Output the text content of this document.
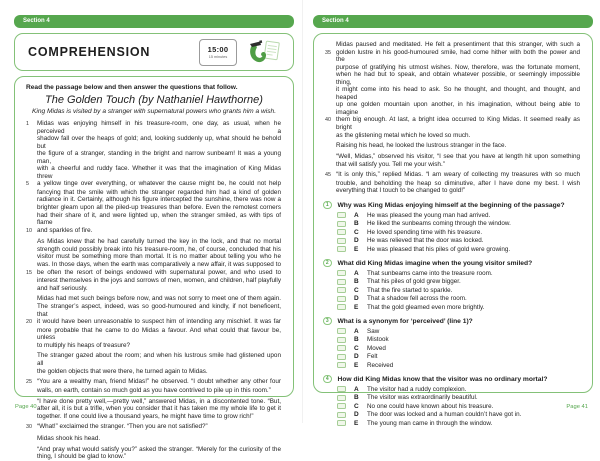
Section 4
COMPREHENSION	15:00
15 minutes
Read the passage below and then answer the questions that follow.
The Golden Touch (by Nathaniel Hawthorne)
King Midas is visited by a stranger with supernatural powers who grants him a wish.
1	Midas was enjoying himself in his treasure-room, one day, as usual, when he perceived a
shadow fall over the heaps of gold; and, looking suddenly up, what should he behold but
the figure of a stranger, standing in the bright and narrow sunbeam! It was a young man,
with a cheerful and ruddy face. Whether it was that the imagination of King Midas threw
5	a yellow tinge over everything, or whatever the cause might be, he could not help
fancying that the smile with which the stranger regarded him had a kind of golden
radiance in it. Certainly, although his figure intercepted the sunshine, there was now a
brighter gleam upon all the piled-up treasures than before. Even the remotest corners
had their share of it, and were lighted up, when the stranger smiled, as with tips of flame
10 and sparkles of fire.
As Midas knew that he had carefully turned the key in the lock, and that no mortal
strength could possibly break into his treasure-room, he, of course, concluded that his
visitor must be something more than mortal. It is no matter about telling you who he
was. In those days, when the earth was comparatively a new affair, it was supposed to
15 be often the resort of beings endowed with supernatural power, and who used to
interest themselves in the joys and sorrows of men, women, and children, half playfully
and half seriously.
Midas had met such beings before now, and was not sorry to meet one of them again.
The stranger’s aspect, indeed, was so good-humoured and kindly, if not beneficent, that
20 it would have been unreasonable to suspect him of intending any mischief. It was far
more probable that he came to do Midas a favour. And what could that favour be, unless
to multiply his heaps of treasure?
The stranger gazed about the room; and when his lustrous smile had glistened upon all
the golden objects that were there, he turned again to Midas.
25 “You are a wealthy man, friend Midas!” he observed. “I doubt whether any other four
walls, on earth, contain so much gold as you have contrived to pile up in this room.”
“I have done pretty well,—pretty well,” answered Midas, in a discontented tone. “But,
after all, it is but a trifle, when you consider that it has taken me my whole life to get it
together. If one could live a thousand years, he might have time to grow rich!”
30 “What!” exclaimed the stranger. “Then you are not satisfied?”
Midas shook his head.
“And pray what would satisfy you?” asked the stranger. “Merely for the curiosity of the
thing, I should be glad to know.”
Page 40
Section 4
Midas paused and meditated. He felt a presentiment that this stranger, with such a
35 golden lustre in his good-humoured smile, had come hither with both the power and the
purpose of gratifying his utmost wishes. Now, therefore, was the fortunate moment,
when he had but to speak, and obtain whatever possible, or seemingly impossible thing,
it might come into his head to ask. So he thought, and thought, and thought, and heaped
up one golden mountain upon another, in his imagination, without being able to imagine
40 them big enough. At last, a bright idea occurred to King Midas. It seemed really as bright
as the glistening metal which he loved so much.
Raising his head, he looked the lustrous stranger in the face.
“Well, Midas,” observed his visitor, “I see that you have at length hit upon something
that will satisfy you. Tell me your wish.”
45 “It is only this,” replied Midas. “I am weary of collecting my treasures with so much
trouble, and beholding the heap so diminutive, after I have done my best. I wish
everything that I touch to be changed to gold!”
1	Why was King Midas enjoying himself at the beginning of the passage?
A	He was pleased the young man had arrived.
B	He liked the sunbeams coming through the window.
C	He loved spending time with his treasure.
D	He was relieved that the door was locked.
E	He was pleased that his piles of gold were growing.
2	What did King Midas imagine when the young visitor smiled?
A	That sunbeams came into the treasure room.
B	That his piles of gold grew bigger.
C	That the fire started to sparkle.
D	That a shadow fell across the room.
E	That the gold gleamed even more brightly.
3	What is a synonym for ‘perceived’ (line 1)?
A	Saw
B	Mistook
C	Moved
D	Felt
E	Received
4	How did King Midas know that the visitor was no ordinary mortal?
A	The visitor had a ruddy complexion.
B	The visitor was extraordinarily beautiful.
C	No one could have known about his treasure.
D	The door was locked and a human couldn’t have got in.
E	The young man came in through the window.
Page 41
